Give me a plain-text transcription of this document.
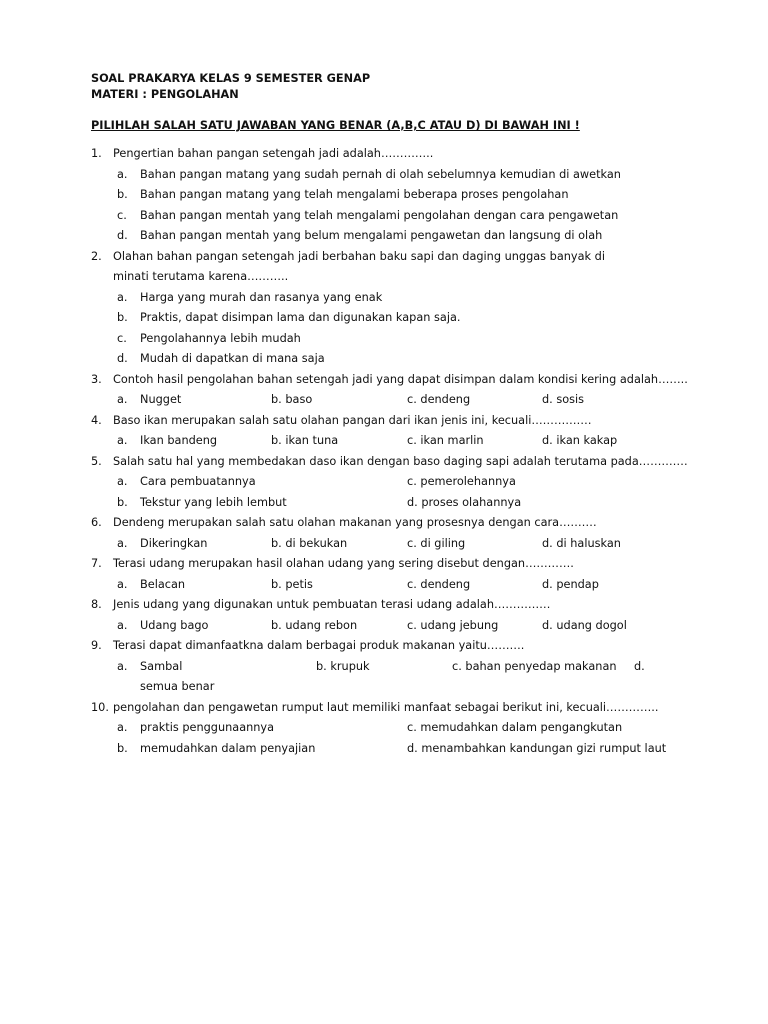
SOAL PRAKARYA KELAS 9 SEMESTER GENAP
MATERI : PENGOLAHAN
PILIHLAH SALAH SATU JAWABAN YANG BENAR (A,B,C ATAU D) DI BAWAH INI !
1. Pengertian bahan pangan setengah jadi adalah…………..
a. Bahan pangan matang yang sudah pernah di olah sebelumnya kemudian di awetkan
b. Bahan pangan matang yang telah mengalami beberapa proses pengolahan
c. Bahan pangan mentah yang telah mengalami pengolahan dengan cara pengawetan
d. Bahan pangan mentah yang belum mengalami pengawetan dan langsung di olah
2. Olahan bahan pangan setengah jadi berbahan baku sapi dan daging unggas banyak di minati terutama karena………..
a. Harga yang murah dan rasanya yang enak
b. Praktis, dapat disimpan lama dan digunakan kapan saja.
c. Pengolahannya lebih mudah
d. Mudah di dapatkan di mana saja
3. Contoh hasil pengolahan bahan setengah jadi yang dapat disimpan dalam kondisi kering adalah……..
a. Nugget	b. baso	c. dendeng	d. sosis
4. Baso ikan merupakan salah satu olahan pangan dari ikan jenis ini, kecuali…………….
a. Ikan bandeng	b. ikan tuna	c. ikan marlin	d. ikan kakap
5. Salah satu hal yang membedakan daso ikan dengan baso daging sapi adalah terutama pada………….
a. Cara pembuatannya	c. pemerolehannya
b. Tekstur yang lebih lembut	d. proses olahannya
6. Dendeng merupakan salah satu olahan makanan yang prosesnya dengan cara……….
a. Dikeringkan	b. di bekukan	c. di giling	d. di haluskan
7. Terasi udang merupakan hasil olahan udang yang sering disebut dengan………….
a. Belacan	b. petis	c. dendeng	d. pendap
8. Jenis udang yang digunakan untuk pembuatan terasi udang adalah……………
a. Udang bago	b. udang rebon	c. udang jebung	d. udang dogol
9. Terasi dapat dimanfaatkna dalam berbagai produk makanan yaitu……….
a. Sambal	b. krupuk	c. bahan penyedap makanan d.
semua benar
10. pengolahan dan pengawetan rumput laut memiliki manfaat sebagai berikut ini, kecuali…………..
a. praktis penggunaannya	c. memudahkan dalam pengangkutan
b. memudahkan dalam penyajian	d. menambahkan kandungan gizi rumput laut
